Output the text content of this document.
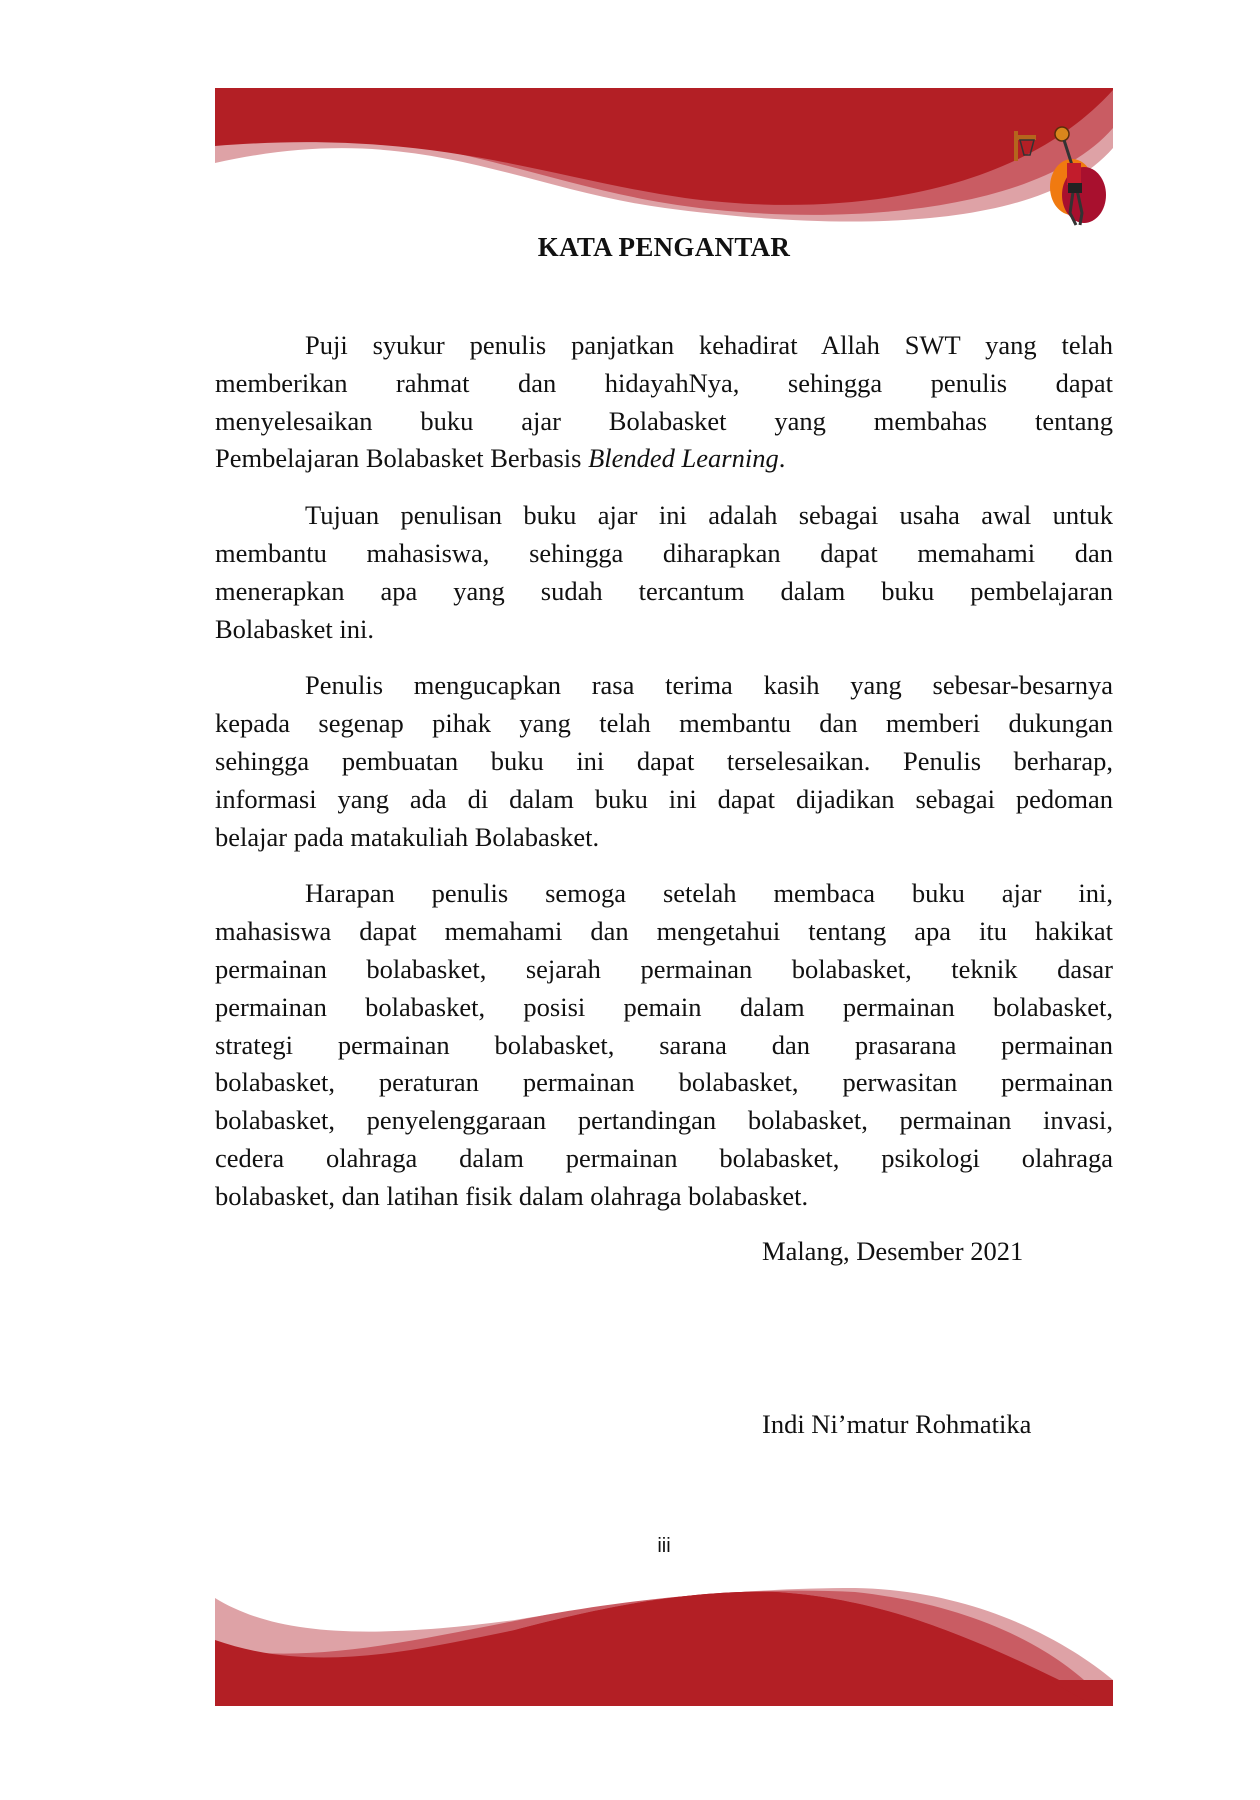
KATA PENGANTAR
Puji syukur penulis panjatkan kehadirat Allah SWT yang telah
memberikan rahmat dan hidayahNya, sehingga penulis dapat
menyelesaikan buku ajar Bolabasket yang membahas tentang
Pembelajaran Bolabasket Berbasis Blended Learning.
Tujuan penulisan buku ajar ini adalah sebagai usaha awal untuk
membantu mahasiswa, sehingga diharapkan dapat memahami dan
menerapkan apa yang sudah tercantum dalam buku pembelajaran
Bolabasket ini.
Penulis mengucapkan rasa terima kasih yang sebesar-besarnya
kepada segenap pihak yang telah membantu dan memberi dukungan
sehingga pembuatan buku ini dapat terselesaikan. Penulis berharap,
informasi yang ada di dalam buku ini dapat dijadikan sebagai pedoman
belajar pada matakuliah Bolabasket.
Harapan penulis semoga setelah membaca buku ajar ini,
mahasiswa dapat memahami dan mengetahui tentang apa itu hakikat
permainan bolabasket, sejarah permainan bolabasket, teknik dasar
permainan bolabasket, posisi pemain dalam permainan bolabasket,
strategi permainan bolabasket, sarana dan prasarana permainan
bolabasket, peraturan permainan bolabasket, perwasitan permainan
bolabasket, penyelenggaraan pertandingan bolabasket, permainan invasi,
cedera olahraga dalam permainan bolabasket, psikologi olahraga
bolabasket, dan latihan fisik dalam olahraga bolabasket.
Malang, Desember 2021
Indi Ni’matur Rohmatika
iii
